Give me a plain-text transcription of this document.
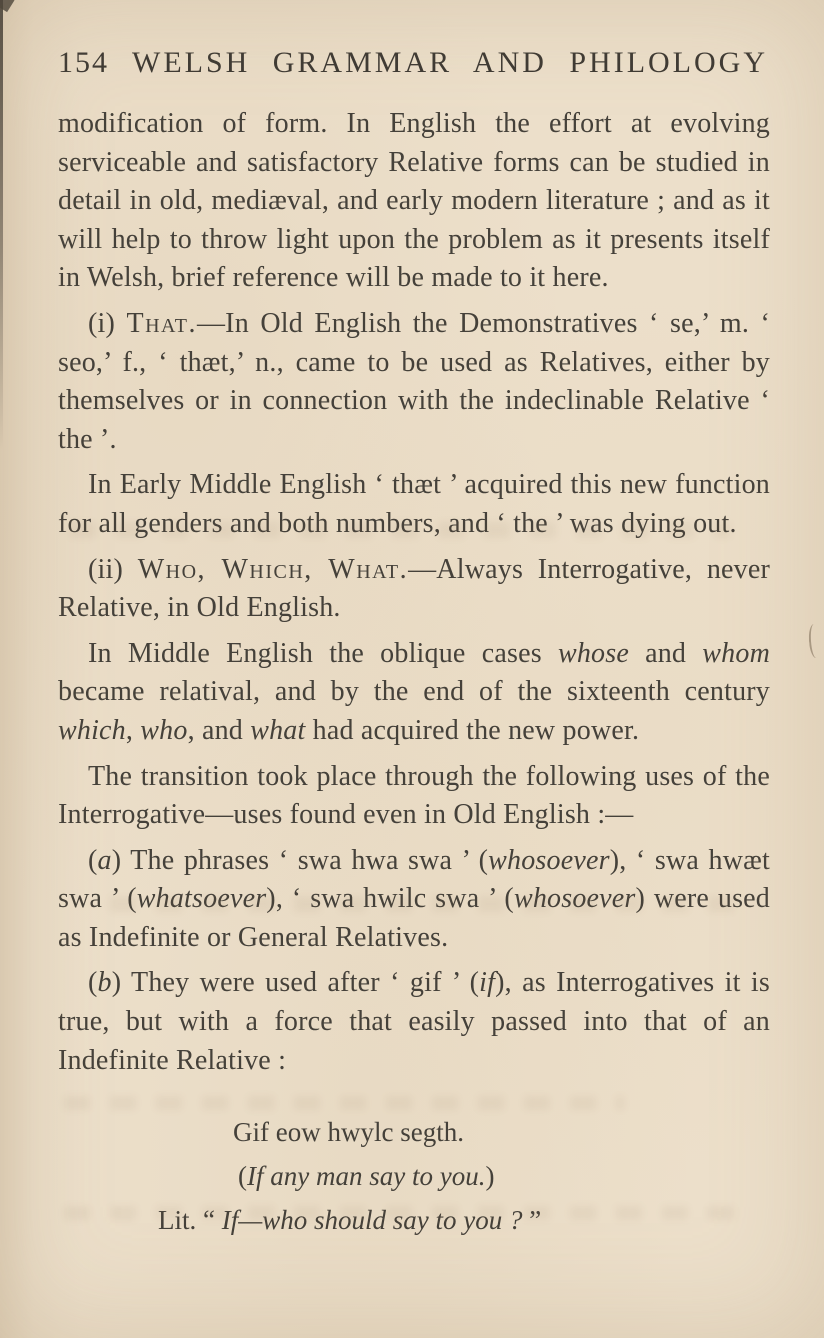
154 WELSH GRAMMAR AND PHILOLOGY

modification of form. In English the effort at evolving serviceable and satisfactory Relative forms can be studied in detail in old, mediæval, and early modern literature ; and as it will help to throw light upon the problem as it presents itself in Welsh, brief reference will be made to it here.

(i) That.—In Old English the Demonstratives ‘ se,’ m. ‘ seo,’ f., ‘ thæt,’ n., came to be used as Relatives, either by themselves or in connection with the indeclinable Relative ‘ the ’.

In Early Middle English ‘ thæt ’ acquired this new function for all genders and both numbers, and ‘ the ’ was dying out.

(ii) Who, Which, What.—Always Interrogative, never Relative, in Old English.

In Middle English the oblique cases whose and whom became relatival, and by the end of the sixteenth century which, who, and what had acquired the new power.

The transition took place through the following uses of the Interrogative—uses found even in Old English :—

(a) The phrases ‘ swa hwa swa ’ (whosoever), ‘ swa hwæt swa ’ (whatsoever), ‘ swa hwilc swa ’ (whosoever) were used as Indefinite or General Relatives.

(b) They were used after ‘ gif ’ (if), as Interrogatives it is true, but with a force that easily passed into that of an Indefinite Relative :

Gif eow hwylc segth.

(If any man say to you.)

Lit. “ If—who should say to you ? ”
